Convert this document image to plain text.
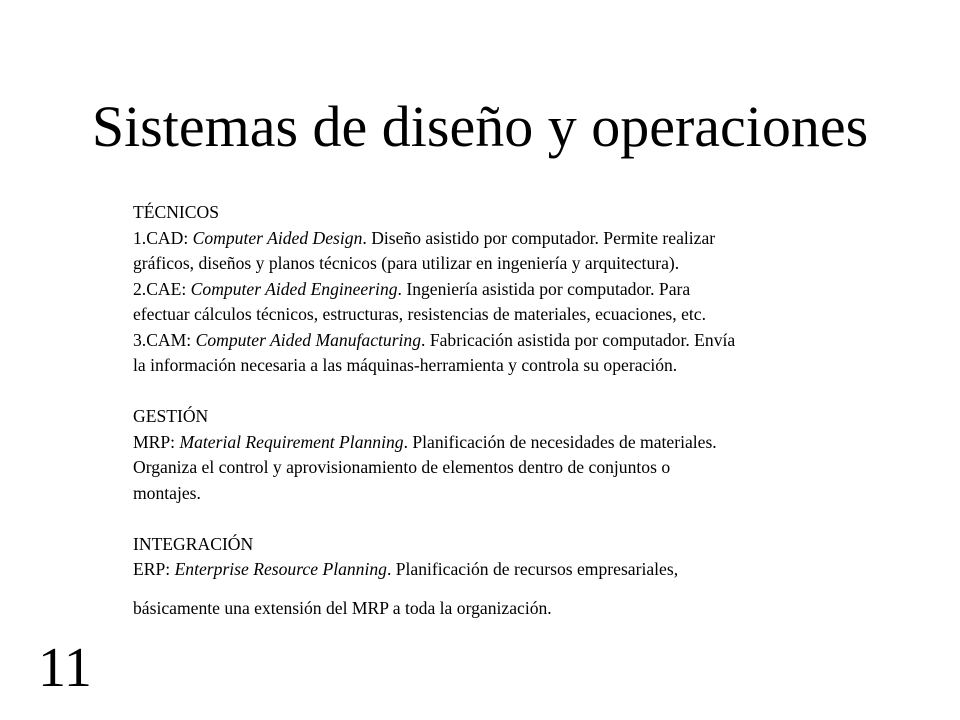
Sistemas de diseño y operaciones

TÉCNICOS

1.CAD: Computer Aided Design. Diseño asistido por computador. Permite realizar

gráficos, diseños y planos técnicos (para utilizar en ingeniería y arquitectura).

2.CAE: Computer Aided Engineering. Ingeniería asistida por computador. Para

efectuar cálculos técnicos, estructuras, resistencias de materiales, ecuaciones, etc.

3.CAM: Computer Aided Manufacturing. Fabricación asistida por computador. Envía

la información necesaria a las máquinas-herramienta y controla su operación.

GESTIÓN

MRP: Material Requirement Planning. Planificación de necesidades de materiales.

Organiza el control y aprovisionamiento de elementos dentro de conjuntos o

montajes.

INTEGRACIÓN

ERP: Enterprise Resource Planning. Planificación de recursos empresariales,

básicamente una extensión del MRP a toda la organización.

11
